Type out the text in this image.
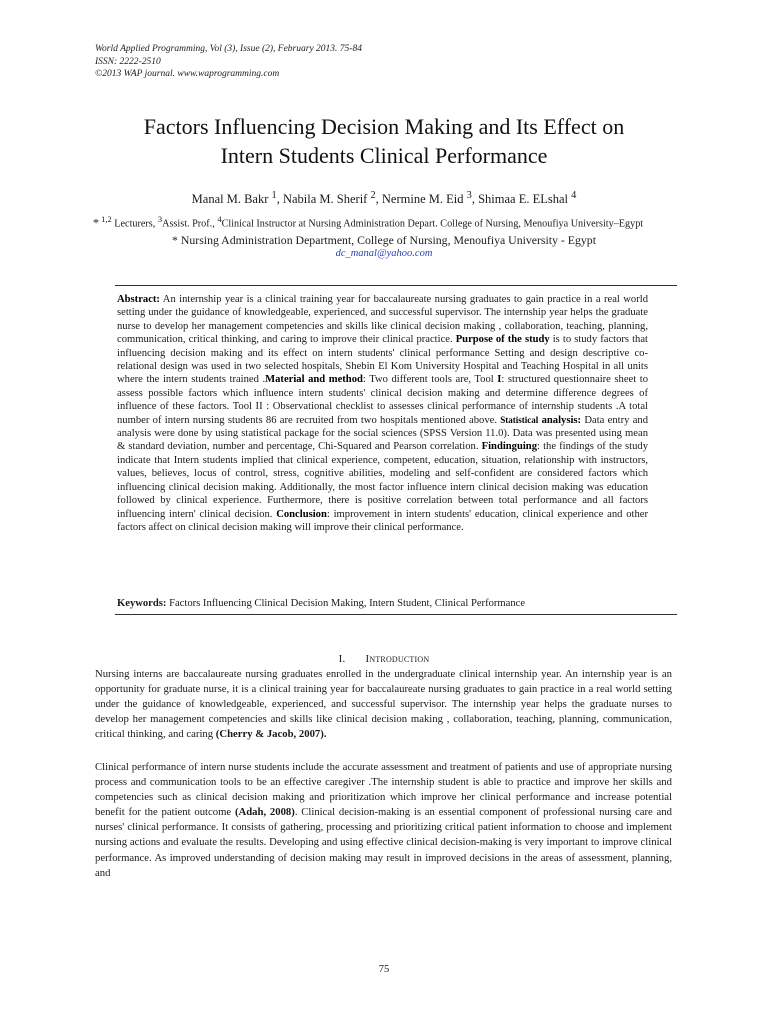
World Applied Programming, Vol (3), Issue (2), February 2013. 75-84
ISSN: 2222-2510
©2013 WAP journal. www.waprogramming.com
Factors Influencing Decision Making and Its Effect on
Intern Students Clinical Performance
Manal M. Bakr $^1$, Nabila M. Sherif $^2$, Nermine M. Eid $^3$, Shimaa E. ELshal $^4$
* $^{1,2}$ Lecturers, $^3$Assist. Prof., $^4$Clinical Instructor at Nursing Administration Depart. College of Nursing, Menoufiya University–Egypt
* Nursing Administration Department, College of Nursing, Menoufiya University - Egypt
dc_manal@yahoo.com
Abstract: An internship year is a clinical training year for baccalaureate nursing graduates to gain practice in a real world setting under the guidance of knowledgeable, experienced, and successful supervisor. The internship year helps the graduate nurse to develop her management competencies and skills like clinical decision making , collaboration, teaching, planning, communication, critical thinking, and caring to improve their clinical practice. Purpose of the study is to study factors that influencing decision making and its effect on intern students' clinical performance Setting and design descriptive co- relational design was used in two selected hospitals, Shebin El Kom University Hospital and Teaching Hospital in all units where the intern students trained .Material and method: Two different tools are, Tool I: structured questionnaire sheet to assess possible factors which influence intern students' clinical decision making and determine difference degrees of influence of these factors. Tool II : Observational checklist to assesses clinical performance of internship students .A total number of intern nursing students 86 are recruited from two hospitals mentioned above. Statistical analysis: Data entry and analysis were done by using statistical package for the social sciences (SPSS Version 11.0). Data was presented using mean & standard deviation, number and percentage, Chi-Squared and Pearson correlation. Findinguing: the findings of the study indicate that Intern students implied that clinical experience, competent, education, situation, relationship with instructors, values, believes, locus of control, stress, cognitive abilities, modeling and self-confident are considered factors which influencing clinical decision making. Additionally, the most factor influence intern clinical decision making was education followed by clinical experience. Furthermore, there is positive correlation between total performance and all factors influencing intern' clinical decision. Conclusion: improvement in intern students' education, clinical experience and other factors affect on clinical decision making will improve their clinical performance.
Keywords: Factors Influencing Clinical Decision Making, Intern Student, Clinical Performance
I. Introduction
Nursing interns are baccalaureate nursing graduates enrolled in the undergraduate clinical internship year. An internship year is an opportunity for graduate nurse, it is a clinical training year for baccalaureate nursing graduates to gain practice in a real world setting under the guidance of knowledgeable, experienced, and successful supervisor. The internship year helps the graduate nurses to develop her management competencies and skills like clinical decision making , collaboration, teaching, planning, communication, critical thinking, and caring (Cherry & Jacob, 2007).
Clinical performance of intern nurse students include the accurate assessment and treatment of patients and use of appropriate nursing process and communication tools to be an effective caregiver .The internship student is able to practice and improve her skills and competencies such as clinical decision making and prioritization which improve her clinical performance and increase potential benefit for the patient outcome (Adah, 2008). Clinical decision-making is an essential component of professional nursing care and nurses' clinical performance. It consists of gathering, processing and prioritizing critical patient information to choose and implement nursing actions and evaluate the results. Developing and using effective clinical decision-making is very important to improve clinical performance. As improved understanding of decision making may result in improved decisions in the areas of assessment, planning, and
75
